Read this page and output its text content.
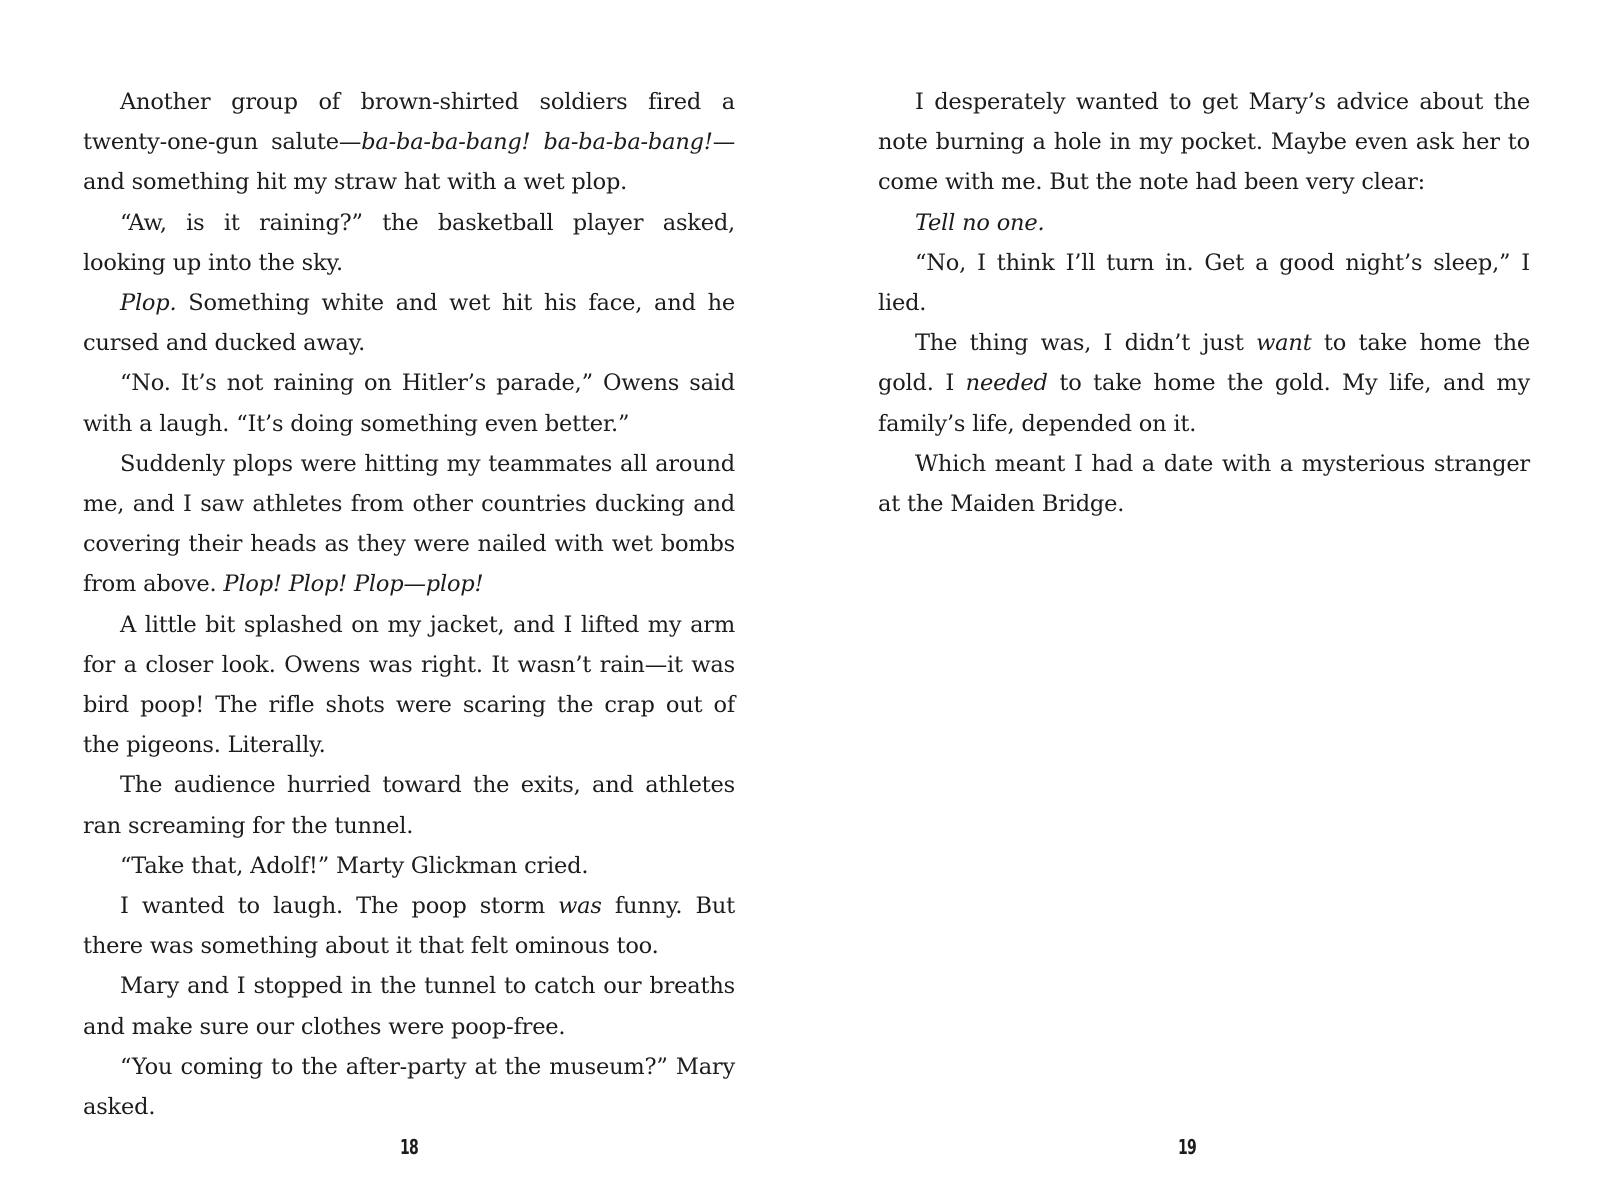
Another group of brown-shirted soldiers fired a twenty-one-gun salute—ba-ba-ba-bang! ba-ba-ba-bang!—and something hit my straw hat with a wet plop.

“Aw, is it raining?” the basketball player asked, looking up into the sky.

Plop. Something white and wet hit his face, and he cursed and ducked away.

“No. It’s not raining on Hitler’s parade,” Owens said with a laugh. “It’s doing something even better.”

Suddenly plops were hitting my teammates all around me, and I saw athletes from other countries ducking and covering their heads as they were nailed with wet bombs from above. Plop! Plop! Plop—plop!

A little bit splashed on my jacket, and I lifted my arm for a closer look. Owens was right. It wasn’t rain—it was bird poop! The rifle shots were scaring the crap out of the pigeons. Literally.

The audience hurried toward the exits, and athletes ran screaming for the tunnel.

“Take that, Adolf!” Marty Glickman cried.

I wanted to laugh. The poop storm was funny. But there was something about it that felt ominous too.

Mary and I stopped in the tunnel to catch our breaths and make sure our clothes were poop-free.

“You coming to the after-party at the museum?” Mary asked.

18

I desperately wanted to get Mary’s advice about the note burning a hole in my pocket. Maybe even ask her to come with me. But the note had been very clear:

Tell no one.

“No, I think I’ll turn in. Get a good night’s sleep,” I lied.

The thing was, I didn’t just want to take home the gold. I needed to take home the gold. My life, and my family’s life, depended on it.

Which meant I had a date with a mysterious stranger at the Maiden Bridge.

19
